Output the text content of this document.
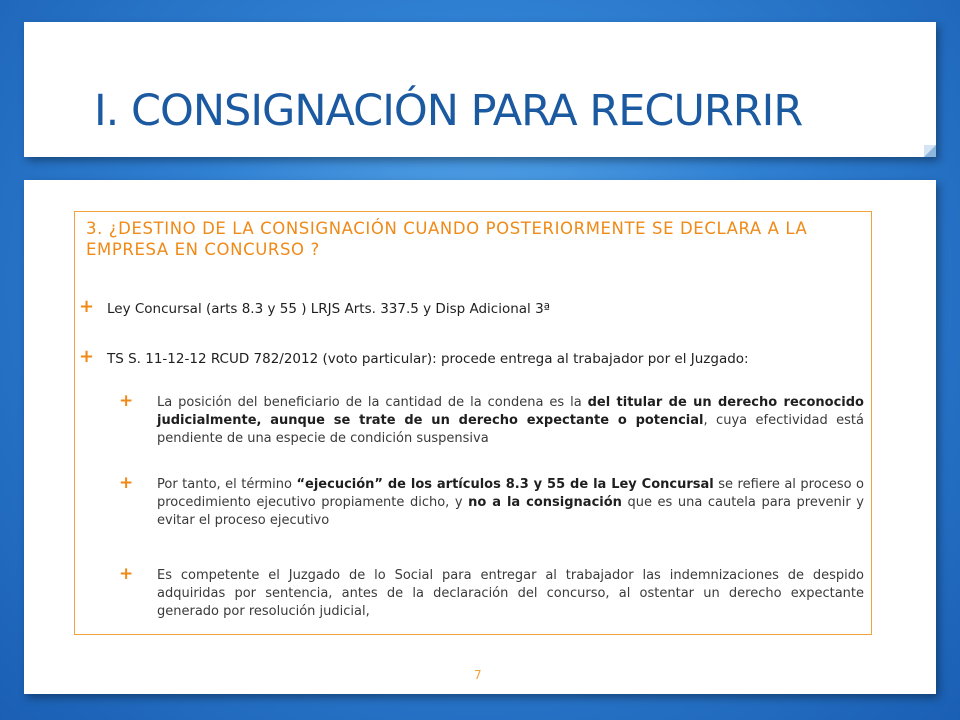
I. CONSIGNACIÓN PARA RECURRIR
3. ¿DESTINO DE LA CONSIGNACIÓN CUANDO POSTERIORMENTE SE DECLARA A LA EMPRESA EN CONCURSO ?
+ Ley Concursal (arts 8.3 y 55 ) LRJS Arts. 337.5 y Disp Adicional 3ª
+ TS S. 11-12-12 RCUD 782/2012 (voto particular): procede entrega al trabajador por el Juzgado:
+ La posición del beneficiario de la cantidad de la condena es la del titular de un derecho reconocido judicialmente, aunque se trate de un derecho expectante o potencial, cuya efectividad está pendiente de una especie de condición suspensiva
+ Por tanto, el término “ejecución” de los artículos 8.3 y 55 de la Ley Concursal se refiere al proceso o procedimiento ejecutivo propiamente dicho, y no a la consignación que es una cautela para prevenir y evitar el proceso ejecutivo
+ Es competente el Juzgado de lo Social para entregar al trabajador las indemnizaciones de despido adquiridas por sentencia, antes de la declaración del concurso, al ostentar un derecho expectante generado por resolución judicial,
7
